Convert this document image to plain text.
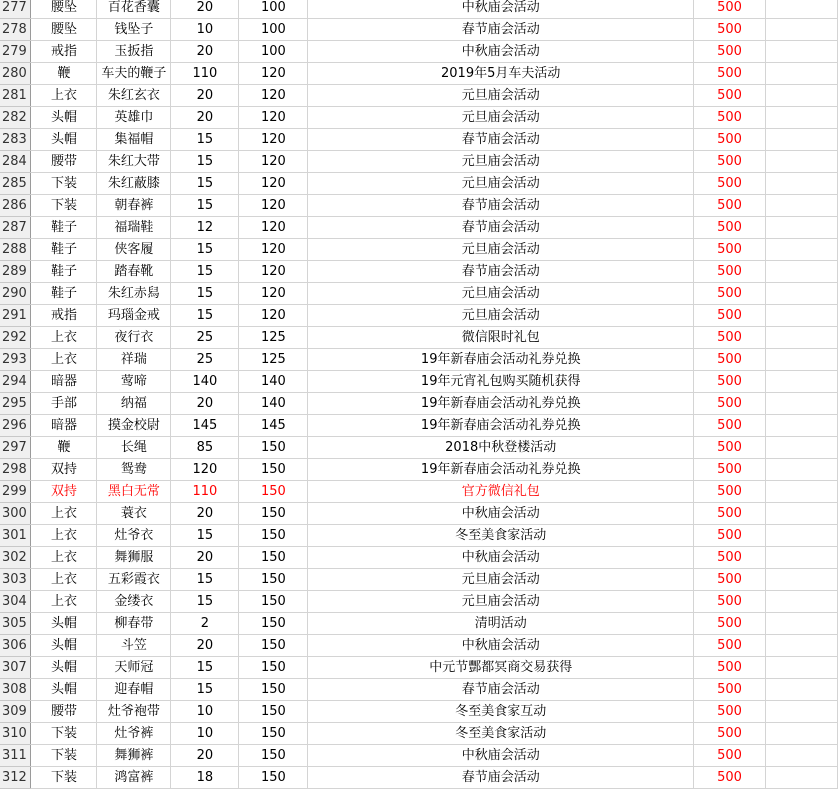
277	腰坠	百花香囊	20	100	中秋庙会活动	500	
278	腰坠	钱坠子	10	100	春节庙会活动	500	
279	戒指	玉扳指	20	100	中秋庙会活动	500	
280	鞭	车夫的鞭子	110	120	2019年5月车夫活动	500	
281	上衣	朱红玄衣	20	120	元旦庙会活动	500	
282	头帽	英雄巾	20	120	元旦庙会活动	500	
283	头帽	集福帽	15	120	春节庙会活动	500	
284	腰带	朱红大带	15	120	元旦庙会活动	500	
285	下装	朱红蔽膝	15	120	元旦庙会活动	500	
286	下装	朝春裤	15	120	春节庙会活动	500	
287	鞋子	福瑞鞋	12	120	春节庙会活动	500	
288	鞋子	侠客履	15	120	元旦庙会活动	500	
289	鞋子	踏春靴	15	120	春节庙会活动	500	
290	鞋子	朱红赤舄	15	120	元旦庙会活动	500	
291	戒指	玛瑙金戒	15	120	元旦庙会活动	500	
292	上衣	夜行衣	25	125	微信限时礼包	500	
293	上衣	祥瑞	25	125	19年新春庙会活动礼券兑换	500	
294	暗器	莺啼	140	140	19年元宵礼包购买随机获得	500	
295	手部	纳福	20	140	19年新春庙会活动礼券兑换	500	
296	暗器	摸金校尉	145	145	19年新春庙会活动礼券兑换	500	
297	鞭	长绳	85	150	2018中秋登楼活动	500	
298	双持	鸳鸯	120	150	19年新春庙会活动礼券兑换	500	
299	双持	黑白无常	110	150	官方微信礼包	500	
300	上衣	蓑衣	20	150	中秋庙会活动	500	
301	上衣	灶爷衣	15	150	冬至美食家活动	500	
302	上衣	舞狮服	20	150	中秋庙会活动	500	
303	上衣	五彩霞衣	15	150	元旦庙会活动	500	
304	上衣	金缕衣	15	150	元旦庙会活动	500	
305	头帽	柳春带	2	150	清明活动	500	
306	头帽	斗笠	20	150	中秋庙会活动	500	
307	头帽	天师冠	15	150	中元节酆都冥商交易获得	500	
308	头帽	迎春帽	15	150	春节庙会活动	500	
309	腰带	灶爷袍带	10	150	冬至美食家互动	500	
310	下装	灶爷裤	10	150	冬至美食家活动	500	
311	下装	舞狮裤	20	150	中秋庙会活动	500	
312	下装	鸿富裤	18	150	春节庙会活动	500	
